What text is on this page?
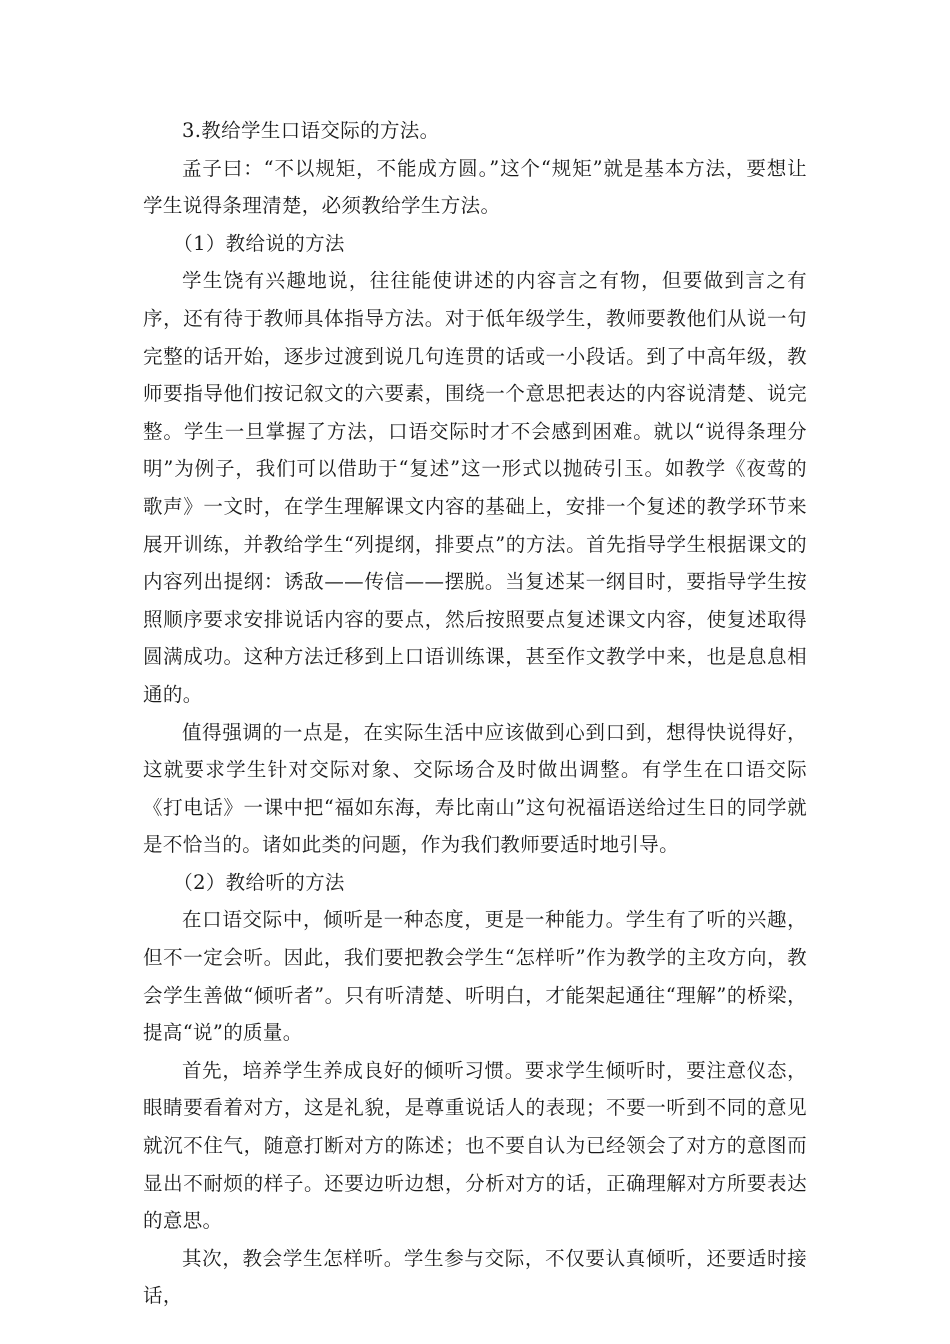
3.教给学生口语交际的方法。

孟子曰：“不以规矩，不能成方圆。”这个“规矩”就是基本方法，要想让学生说得条理清楚，必须教给学生方法。

（1）教给说的方法

学生饶有兴趣地说，往往能使讲述的内容言之有物，但要做到言之有序，还有待于教师具体指导方法。对于低年级学生，教师要教他们从说一句完整的话开始，逐步过渡到说几句连贯的话或一小段话。到了中高年级，教师要指导他们按记叙文的六要素，围绕一个意思把表达的内容说清楚、说完整。学生一旦掌握了方法，口语交际时才不会感到困难。就以“说得条理分明”为例子，我们可以借助于“复述”这一形式以抛砖引玉。如教学《夜莺的歌声》一文时，在学生理解课文内容的基础上，安排一个复述的教学环节来展开训练，并教给学生“列提纲，排要点”的方法。首先指导学生根据课文的内容列出提纲：诱敌——传信——摆脱。当复述某一纲目时，要指导学生按照顺序要求安排说话内容的要点，然后按照要点复述课文内容，使复述取得圆满成功。这种方法迁移到上口语训练课，甚至作文教学中来，也是息息相通的。

值得强调的一点是，在实际生活中应该做到心到口到，想得快说得好，这就要求学生针对交际对象、交际场合及时做出调整。有学生在口语交际《打电话》一课中把“福如东海，寿比南山”这句祝福语送给过生日的同学就是不恰当的。诸如此类的问题，作为我们教师要适时地引导。

（2）教给听的方法

在口语交际中，倾听是一种态度，更是一种能力。学生有了听的兴趣，但不一定会听。因此，我们要把教会学生“怎样听”作为教学的主攻方向，教会学生善做“倾听者”。只有听清楚、听明白，才能架起通往“理解”的桥梁，提高“说”的质量。

首先，培养学生养成良好的倾听习惯。要求学生倾听时，要注意仪态，眼睛要看着对方，这是礼貌，是尊重说话人的表现；不要一听到不同的意见就沉不住气，随意打断对方的陈述；也不要自认为已经领会了对方的意图而显出不耐烦的样子。还要边听边想，分析对方的话，正确理解对方所要表达的意思。

其次，教会学生怎样听。学生参与交际，不仅要认真倾听，还要适时接话，
